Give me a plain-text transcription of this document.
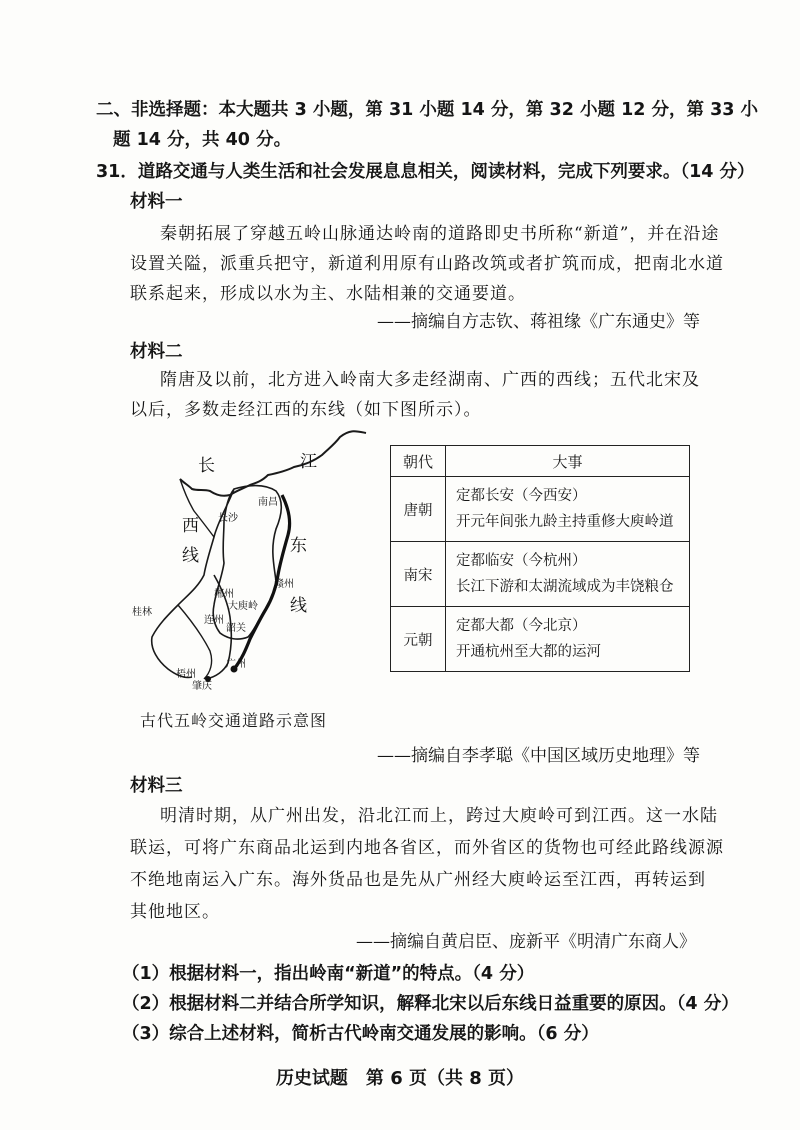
二、非选择题：本大题共 3 小题，第 31 小题 14 分，第 32 小题 12 分，第 33 小
题 14 分，共 40 分。
31．道路交通与人类生活和社会发展息息相关，阅读材料，完成下列要求。（14 分）
材料一
秦朝拓展了穿越五岭山脉通达岭南的道路即史书所称“新道”，并在沿途
设置关隘，派重兵把守，新道利用原有山路改筑或者扩筑而成，把南北水道
联系起来，形成以水为主、水陆相兼的交通要道。
——摘编自方志钦、蒋祖缘《广东通史》等
材料二
隋唐及以前，北方进入岭南大多走经湖南、广西的西线；五代北宋及
以后，多数走经江西的东线（如下图所示）。
长	江
西
线	东
线
长沙
南昌
桂林
郴州
赣州
大庾岭
连州
韶关
广州
肇庆
梧州
古代五岭交通道路示意图
朝代	大事
唐朝	定都长安（今西安）
开元年间张九龄主持重修大庾岭道

南宋	定都临安（今杭州）
长江下游和太湖流域成为丰饶粮仓

元朝	定都大都（今北京）
开通杭州至大都的运河
——摘编自李孝聪《中国区域历史地理》等
材料三
明清时期，从广州出发，沿北江而上，跨过大庾岭可到江西。这一水陆
联运，可将广东商品北运到内地各省区，而外省区的货物也可经此路线源源
不绝地南运入广东。海外货品也是先从广州经大庾岭运至江西，再转运到
其他地区。
——摘编自黄启臣、庞新平《明清广东商人》
（1）根据材料一，指出岭南“新道”的特点。（4 分）
（2）根据材料二并结合所学知识，解释北宋以后东线日益重要的原因。（4 分）
（3）综合上述材料，简析古代岭南交通发展的影响。（6 分）
历史试题　第 6 页（共 8 页）
